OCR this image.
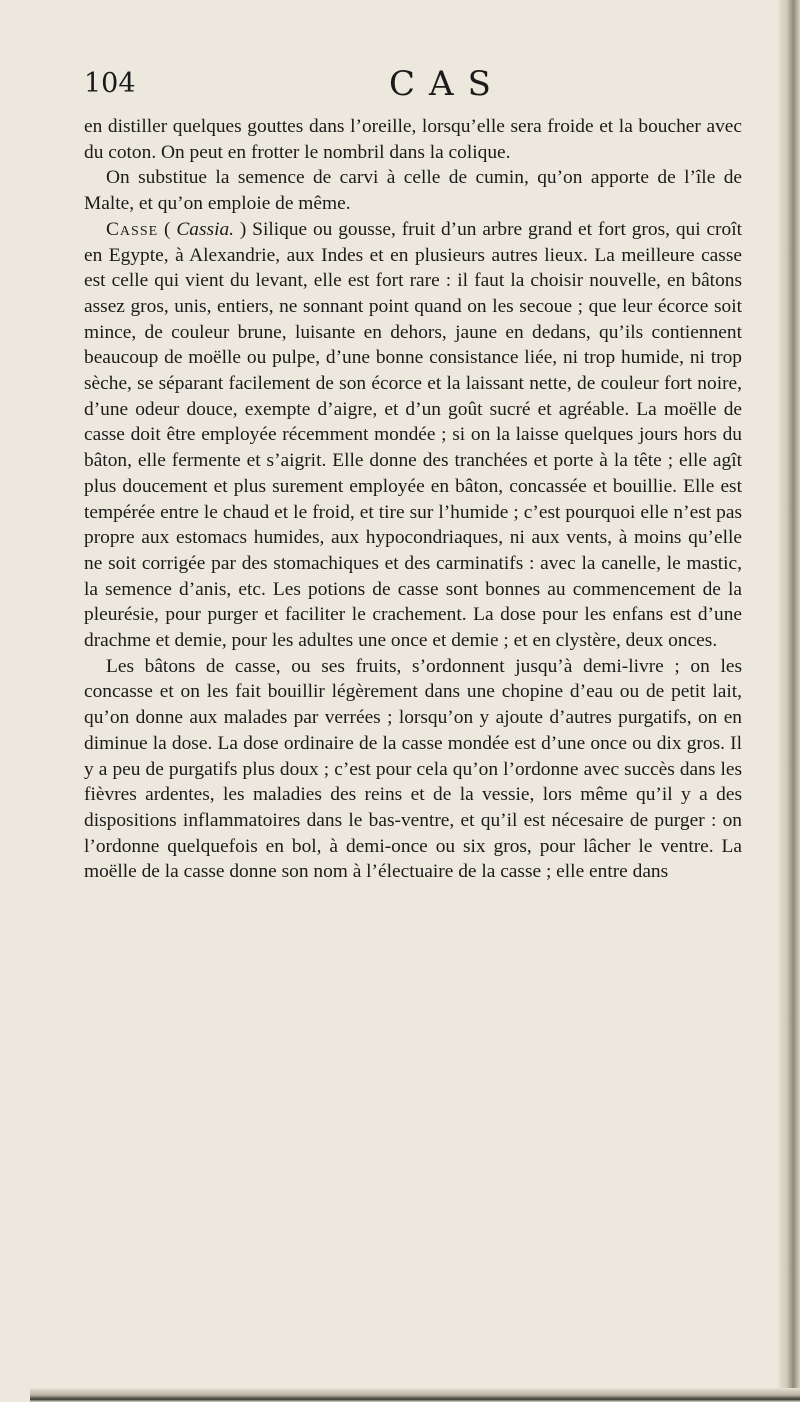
104	CAS

en distiller quelques gouttes dans l’oreille, lorsqu’elle sera froide et la boucher avec du coton. On peut en frotter le nombril dans la colique.

On substitue la semence de carvi à celle de cumin, qu’on apporte de l’île de Malte, et qu’on emploie de même.

Casse ( Cassia. ) Silique ou gousse, fruit d’un arbre grand et fort gros, qui croît en Egypte, à Alexandrie, aux Indes et en plusieurs autres lieux. La meilleure casse est celle qui vient du levant, elle est fort rare : il faut la choisir nouvelle, en bâtons assez gros, unis, entiers, ne sonnant point quand on les secoue ; que leur écorce soit mince, de couleur brune, luisante en dehors, jaune en dedans, qu’ils contiennent beaucoup de moëlle ou pulpe, d’une bonne consistance liée, ni trop humide, ni trop sèche, se séparant facilement de son écorce et la laissant nette, de couleur fort noire, d’une odeur douce, exempte d’aigre, et d’un goût sucré et agréable. La moëlle de casse doit être employée récemment mondée ; si on la laisse quelques jours hors du bâton, elle fermente et s’aigrit. Elle donne des tranchées et porte à la tête ; elle agît plus doucement et plus surement employée en bâton, concassée et bouillie. Elle est tempérée entre le chaud et le froid, et tire sur l’humide ; c’est pourquoi elle n’est pas propre aux estomacs humides, aux hypocondriaques, ni aux vents, à moins qu’elle ne soit corrigée par des stomachiques et des carminatifs : avec la canelle, le mastic, la semence d’anis, etc. Les potions de casse sont bonnes au commencement de la pleurésie, pour purger et faciliter le crachement. La dose pour les enfans est d’une drachme et demie, pour les adultes une once et demie ; et en clystère, deux onces.

Les bâtons de casse, ou ses fruits, s’ordonnent jusqu’à demi-livre ; on les concasse et on les fait bouillir légèrement dans une chopine d’eau ou de petit lait, qu’on donne aux malades par verrées ; lorsqu’on y ajoute d’autres purgatifs, on en diminue la dose. La dose ordinaire de la casse mondée est d’une once ou dix gros. Il y a peu de purgatifs plus doux ; c’est pour cela qu’on l’ordonne avec succès dans les fièvres ardentes, les maladies des reins et de la vessie, lors même qu’il y a des dispositions inflammatoires dans le bas-ventre, et qu’il est nécesaire de purger : on l’ordonne quelquefois en bol, à demi-once ou six gros, pour lâcher le ventre. La moëlle de la casse donne son nom à l’électuaire de la casse ; elle entre dans
